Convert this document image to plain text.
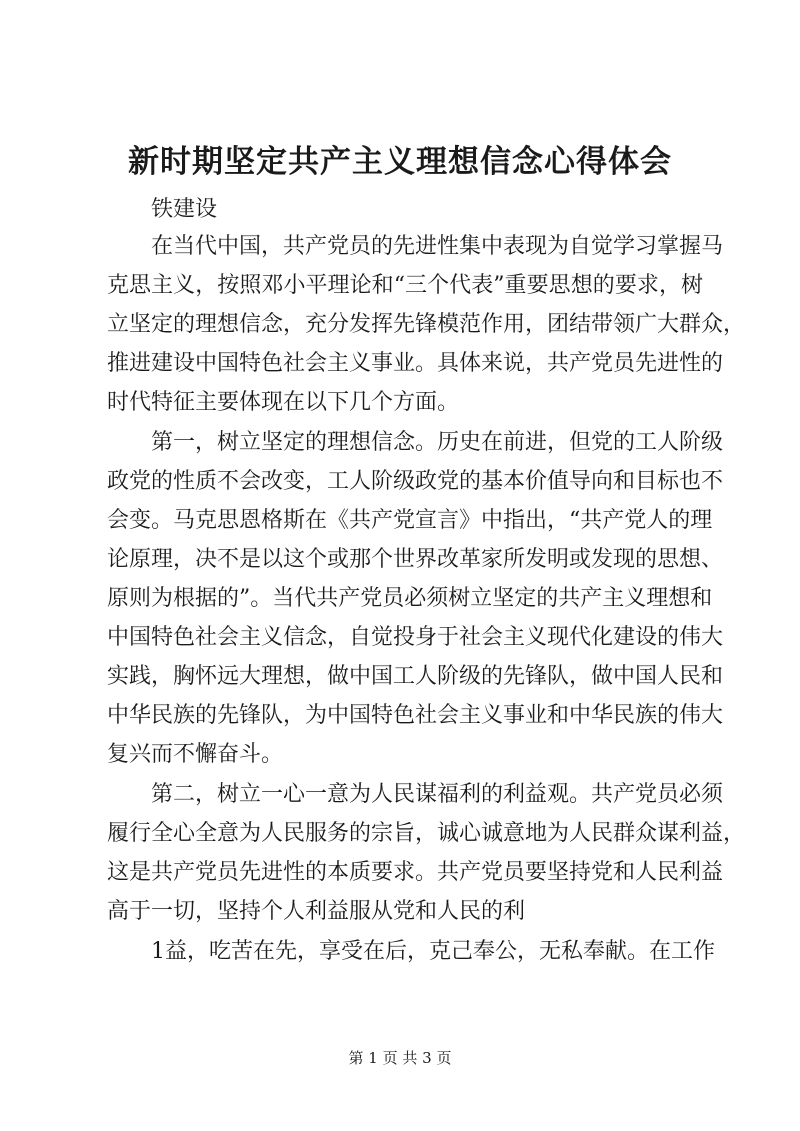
新时期坚定共产主义理想信念心得体会

铁建设

在当代中国，共产党员的先进性集中表现为自觉学习掌握马

克思主义，按照邓小平理论和“三个代表”重要思想的要求，树

立坚定的理想信念，充分发挥先锋模范作用，团结带领广大群众，

推进建设中国特色社会主义事业。具体来说，共产党员先进性的

时代特征主要体现在以下几个方面。

第一，树立坚定的理想信念。历史在前进，但党的工人阶级

政党的性质不会改变，工人阶级政党的基本价值导向和目标也不

会变。马克思恩格斯在《共产党宣言》中指出，“共产党人的理

论原理，决不是以这个或那个世界改革家所发明或发现的思想、

原则为根据的”。当代共产党员必须树立坚定的共产主义理想和

中国特色社会主义信念，自觉投身于社会主义现代化建设的伟大

实践，胸怀远大理想，做中国工人阶级的先锋队，做中国人民和

中华民族的先锋队，为中国特色社会主义事业和中华民族的伟大

复兴而不懈奋斗。

第二，树立一心一意为人民谋福利的利益观。共产党员必须

履行全心全意为人民服务的宗旨，诚心诚意地为人民群众谋利益，

这是共产党员先进性的本质要求。共产党员要坚持党和人民利益

高于一切，坚持个人利益服从党和人民的利

1益，吃苦在先，享受在后，克己奉公，无私奉献。在工作

第 1 页 共 3 页
